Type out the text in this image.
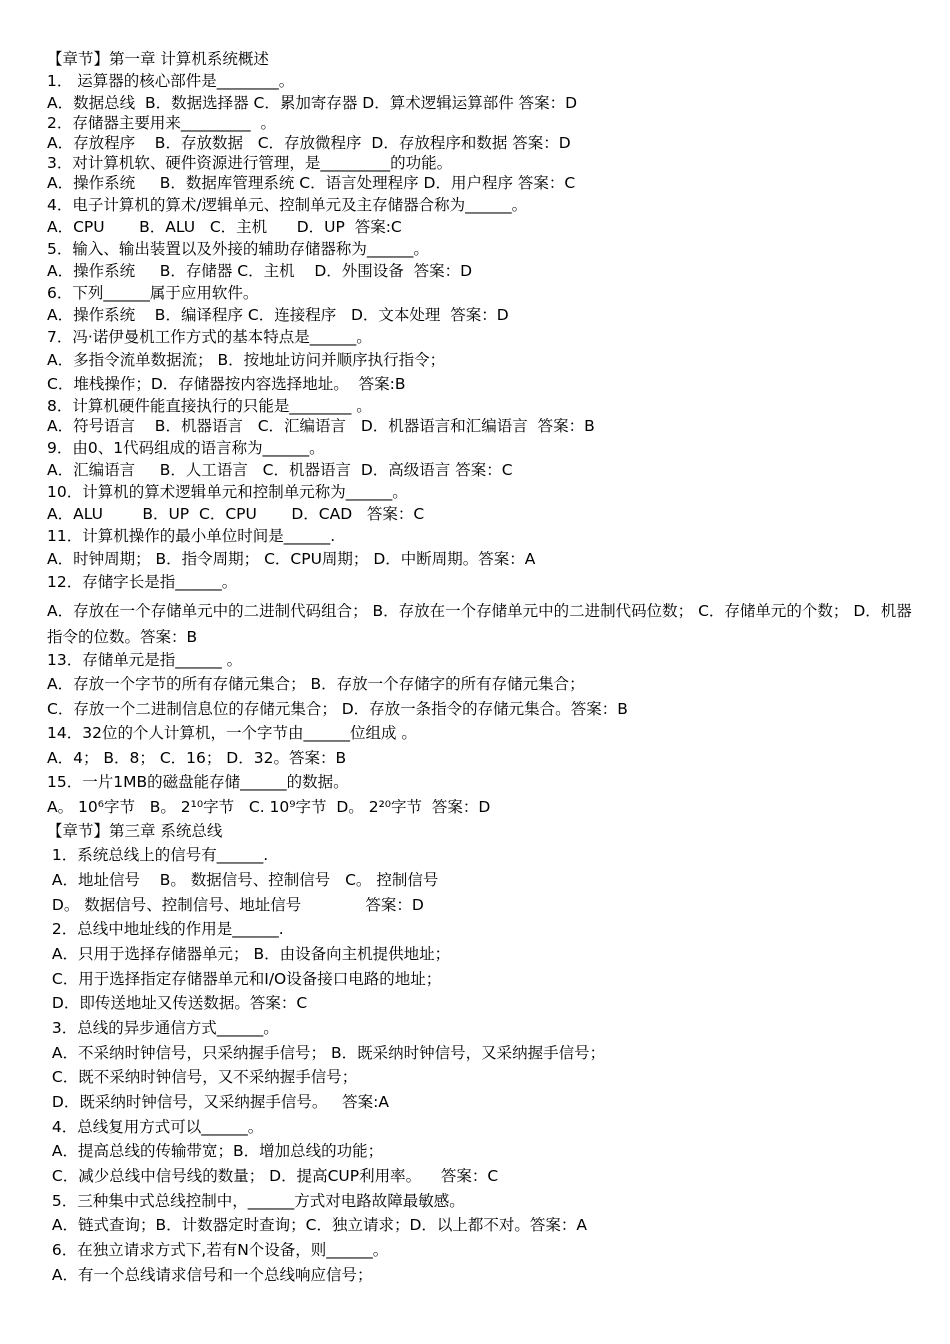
【章节】第一章 计算机系统概述

1． 运算器的核心部件是________。

A．数据总线  B．数据选择器 C．累加寄存器 D．算术逻辑运算部件 答案：D

2．存储器主要用来_________  。

A．存放程序    B．存放数据   C．存放微程序  D．存放程序和数据 答案：D

3．对计算机软、硬件资源进行管理，是_________的功能。

A．操作系统     B．数据库管理系统 C．语言处理程序 D．用户程序 答案：C

4．电子计算机的算术/逻辑单元、控制单元及主存储器合称为______。

A．CPU       B．ALU   C．主机      D．UP  答案:C

5．输入、输出装置以及外接的辅助存储器称为______。

A．操作系统     B．存储器 C．主机    D．外围设备  答案：D

6．下列______属于应用软件。

A．操作系统    B．编译程序 C．连接程序   D．文本处理  答案：D

7．冯·诺伊曼机工作方式的基本特点是______。

A．多指令流单数据流； B．按地址访问并顺序执行指令；

C．堆栈操作；D．存储器按内容选择地址。  答案:B

8．计算机硬件能直接执行的只能是________ 。

A．符号语言    B．机器语言   C．汇编语言   D．机器语言和汇编语言  答案：B

9．由0、1代码组成的语言称为______。

A．汇编语言     B．人工语言   C．机器语言  D．高级语言 答案：C

10．计算机的算术逻辑单元和控制单元称为______。

A．ALU        B．UP  C．CPU       D．CAD   答案：C

11．计算机操作的最小单位时间是______.

A．时钟周期； B．指令周期； C．CPU周期； D．中断周期。答案：A

12．存储字长是指______。

A．存放在一个存储单元中的二进制代码组合； B．存放在一个存储单元中的二进制代码位数； C．存储单元的个数； D．机器指令的位数。答案：B

13．存储单元是指______ 。

A．存放一个字节的所有存储元集合； B．存放一个存储字的所有存储元集合；

C．存放一个二进制信息位的存储元集合； D．存放一条指令的存储元集合。答案：B

14．32位的个人计算机，一个字节由______位组成 。

A．4； B．8； C．16； D．32。答案：B

15．一片1MB的磁盘能存储______的数据。

A。 10⁶字节   B。 2¹⁰字节   C. 10⁹字节  D。 2²⁰字节  答案：D

【章节】第三章 系统总线

1．系统总线上的信号有______.

A．地址信号    B。 数据信号、控制信号   C。 控制信号

D。 数据信号、控制信号、地址信号             答案：D

2．总线中地址线的作用是______.

A．只用于选择存储器单元； B．由设备向主机提供地址；

C．用于选择指定存储器单元和I/O设备接口电路的地址；

D．即传送地址又传送数据。答案：C

3．总线的异步通信方式______。

A．不采纳时钟信号，只采纳握手信号； B．既采纳时钟信号，又采纳握手信号；

C．既不采纳时钟信号，又不采纳握手信号；

D．既采纳时钟信号，又采纳握手信号。   答案:A

4．总线复用方式可以______。

A．提高总线的传输带宽；B．增加总线的功能；

C．减少总线中信号线的数量； D．提高CUP利用率。    答案：C

5．三种集中式总线控制中，______方式对电路故障最敏感。

A．链式查询；B．计数器定时查询；C．独立请求；D．以上都不对。答案：A

6．在独立请求方式下,若有N个设备，则______。

A．有一个总线请求信号和一个总线响应信号；
